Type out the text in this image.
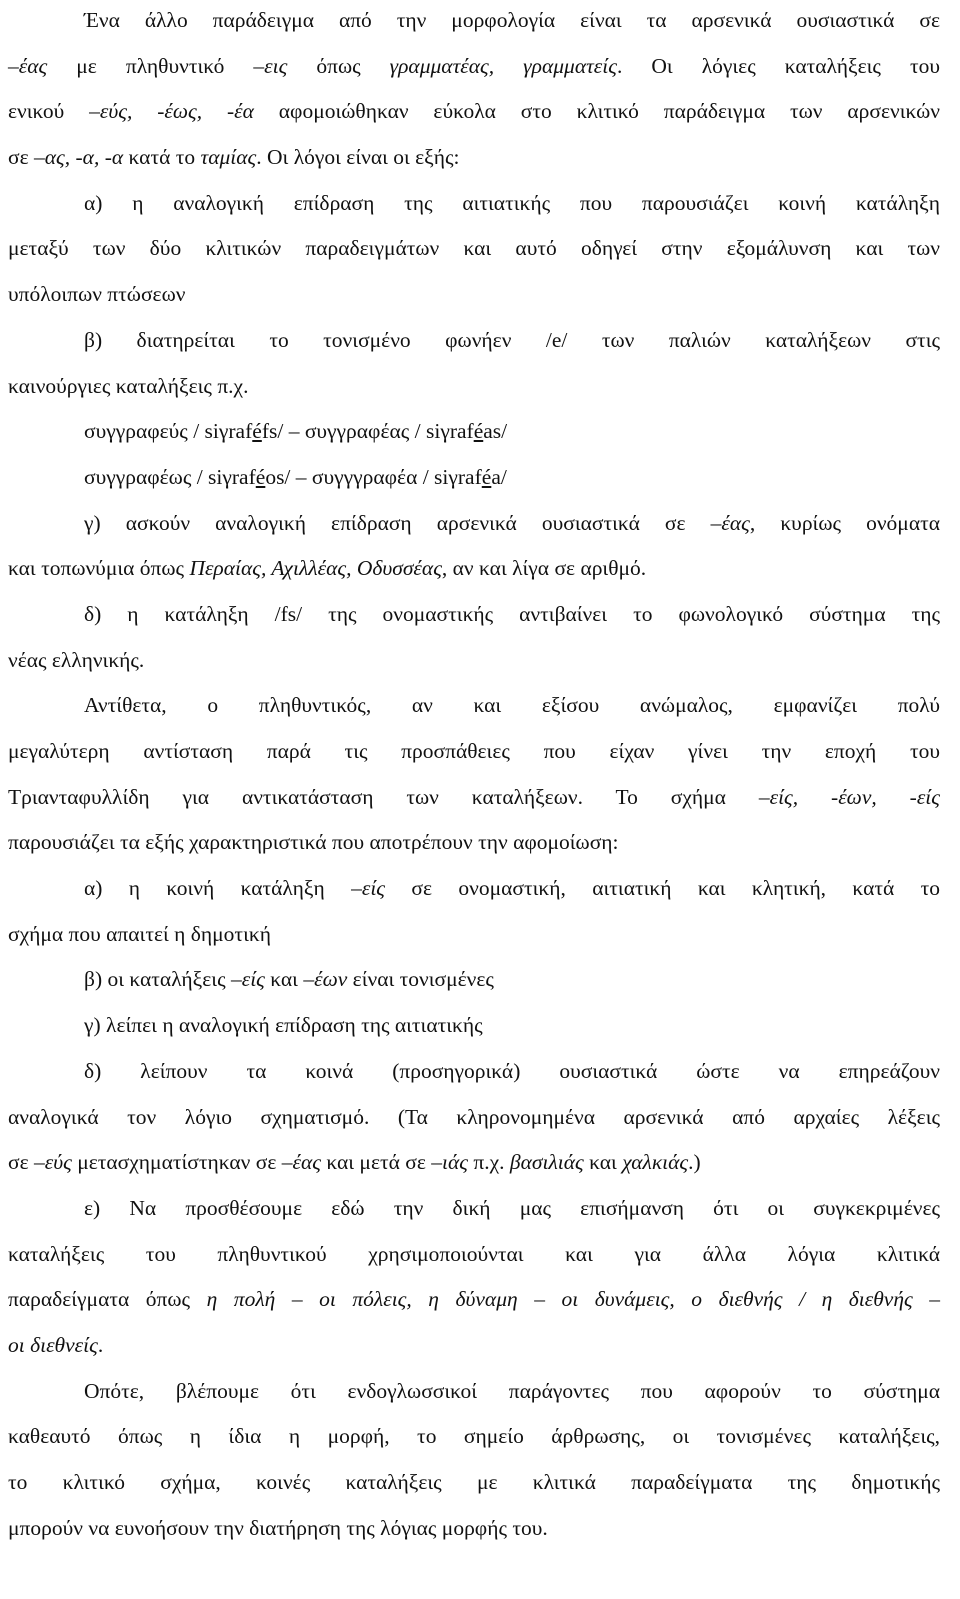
Ένα άλλο παράδειγμα από την μορφολογία είναι τα αρσενικά ουσιαστικά σε
–έας με πληθυντικό –εις όπως γραμματέας, γραμματείς. Οι λόγιες καταλήξεις του
ενικού –εύς, -έως, -έα αφομοιώθηκαν εύκολα στο κλιτικό παράδειγμα των αρσενικών
σε –ας, -α, -α κατά το ταμίας. Οι λόγοι είναι οι εξής:
α) η αναλογική επίδραση της αιτιατικής που παρουσιάζει κοινή κατάληξη
μεταξύ των δύο κλιτικών παραδειγμάτων και αυτό οδηγεί στην εξομάλυνση και των
υπόλοιπων πτώσεων
β) διατηρείται το τονισμένο φωνήεν /e/ των παλιών καταλήξεων στις
καινούργιες καταλήξεις π.χ.
συγγραφεύς / siγraféfs/ – συγγραφέας / siγraféas/
συγγραφέως / siγraféos/ – συγγγραφέα / siγraféa/
γ) ασκούν αναλογική επίδραση αρσενικά ουσιαστικά σε –έας, κυρίως ονόματα
και τοπωνύμια όπως Περαίας, Αχιλλέας, Οδυσσέας, αν και λίγα σε αριθμό.
δ) η κατάληξη /fs/ της ονομαστικής αντιβαίνει το φωνολογικό σύστημα της
νέας ελληνικής.
Αντίθετα, ο πληθυντικός, αν και εξίσου ανώμαλος, εμφανίζει πολύ
μεγαλύτερη αντίσταση παρά τις προσπάθειες που είχαν γίνει την εποχή του
Τριανταφυλλίδη για αντικατάσταση των καταλήξεων. Το σχήμα –είς, -έων, -είς
παρουσιάζει τα εξής χαρακτηριστικά που αποτρέπουν την αφομοίωση:
α) η κοινή κατάληξη –είς σε ονομαστική, αιτιατική και κλητική, κατά το
σχήμα που απαιτεί η δημοτική
β) οι καταλήξεις –είς και –έων είναι τονισμένες
γ) λείπει η αναλογική επίδραση της αιτιατικής
δ) λείπουν τα κοινά (προσηγορικά) ουσιαστικά ώστε να επηρεάζουν
αναλογικά τον λόγιο σχηματισμό. (Τα κληρονομημένα αρσενικά από αρχαίες λέξεις
σε –εύς μετασχηματίστηκαν σε –έας και μετά σε –ιάς π.χ. βασιλιάς και χαλκιάς.)
ε) Να προσθέσουμε εδώ την δική μας επισήμανση ότι οι συγκεκριμένες
καταλήξεις του πληθυντικού χρησιμοποιούνται και για άλλα λόγια κλιτικά
παραδείγματα όπως η πολή – οι πόλεις, η δύναμη – οι δυνάμεις, ο διεθνής / η διεθνής –
οι διεθνείς.
Οπότε, βλέπουμε ότι ενδογλωσσικοί παράγοντες που αφορούν το σύστημα
καθεαυτό όπως η ίδια η μορφή, το σημείο άρθρωσης, οι τονισμένες καταλήξεις,
το κλιτικό σχήμα, κοινές καταλήξεις με κλιτικά παραδείγματα της δημοτικής
μπορούν να ευνοήσουν την διατήρηση της λόγιας μορφής του.
